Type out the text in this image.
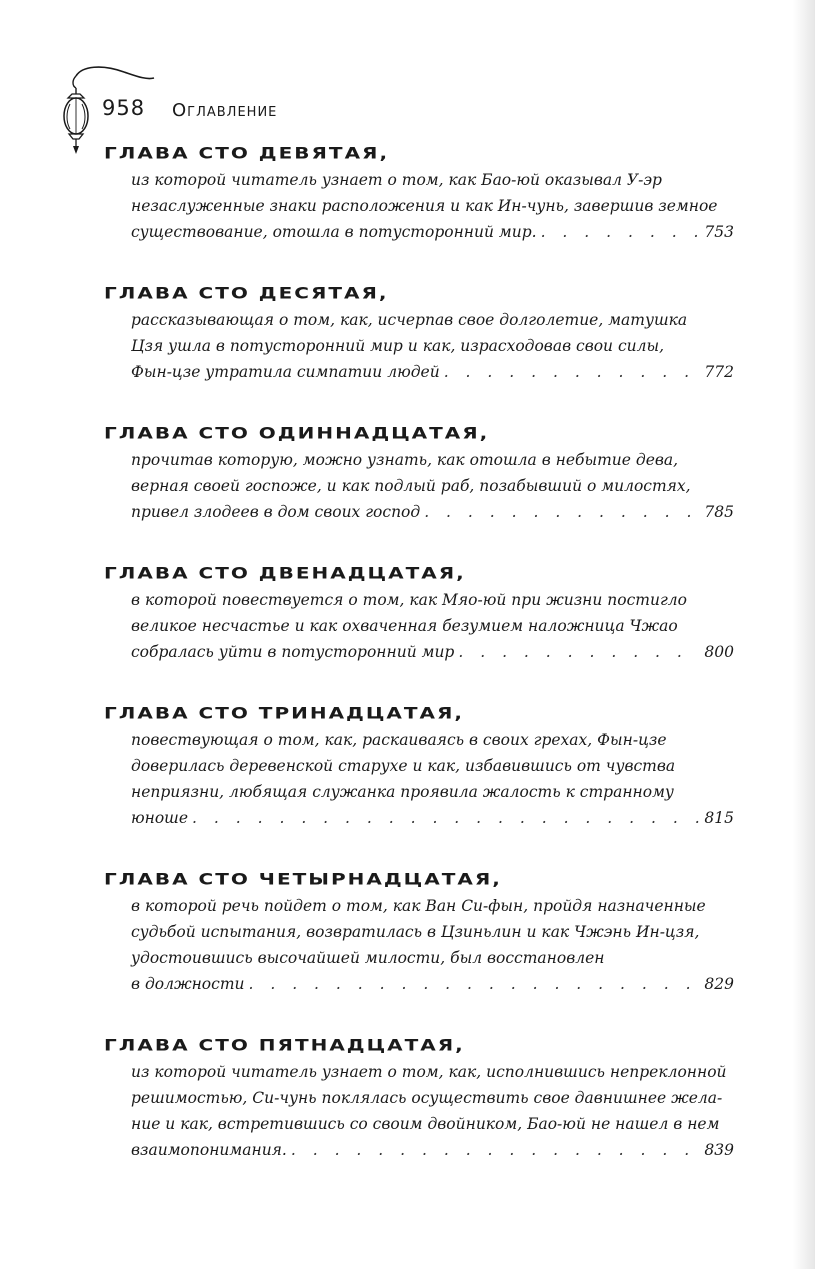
958 Оглавление
ГЛАВА СТО ДЕВЯТАЯ,
из которой читатель узнает о том, как Бао-юй оказывал У-эр
незаслуженные знаки расположения и как Ин-чунь, завершив земное
существование, отошла в потусторонний мир. . . .	753
ГЛАВА СТО ДЕСЯТАЯ,
рассказывающая о том, как, исчерпав свое долголетие, матушка
Цзя ушла в потусторонний мир и как, израсходовав свои силы,
Фын-цзе утратила симпатии людей . . .	772
ГЛАВА СТО ОДИННАДЦАТАЯ,
прочитав которую, можно узнать, как отошла в небытие дева,
верная своей госпоже, и как подлый раб, позабывший о милостях,
привел злодеев в дом своих господ . . .	785
ГЛАВА СТО ДВЕНАДЦАТАЯ,
в которой повествуется о том, как Мяо-юй при жизни постигло
великое несчастье и как охваченная безумием наложница Чжао
собралась уйти в потусторонний мир . . .	800
ГЛАВА СТО ТРИНАДЦАТАЯ,
повествующая о том, как, раскаиваясь в своих грехах, Фын-цзе
доверилась деревенской старухе и как, избавившись от чувства
неприязни, любящая служанка проявила жалость к странному
юноше . . .	815
ГЛАВА СТО ЧЕТЫРНАДЦАТАЯ,
в которой речь пойдет о том, как Ван Си-фын, пройдя назначенные
судьбой испытания, возвратилась в Цзиньлин и как Чжэнь Ин-цзя,
удостоившись высочайшей милости, был восстановлен
в должности . . .	829
ГЛАВА СТО ПЯТНАДЦАТАЯ,
из которой читатель узнает о том, как, исполнившись непреклонной
решимостью, Си-чунь поклялась осуществить свое давнишнее жела-
ние и как, встретившись со своим двойником, Бао-юй не нашел в нем
взаимопонимания. . . .	839
